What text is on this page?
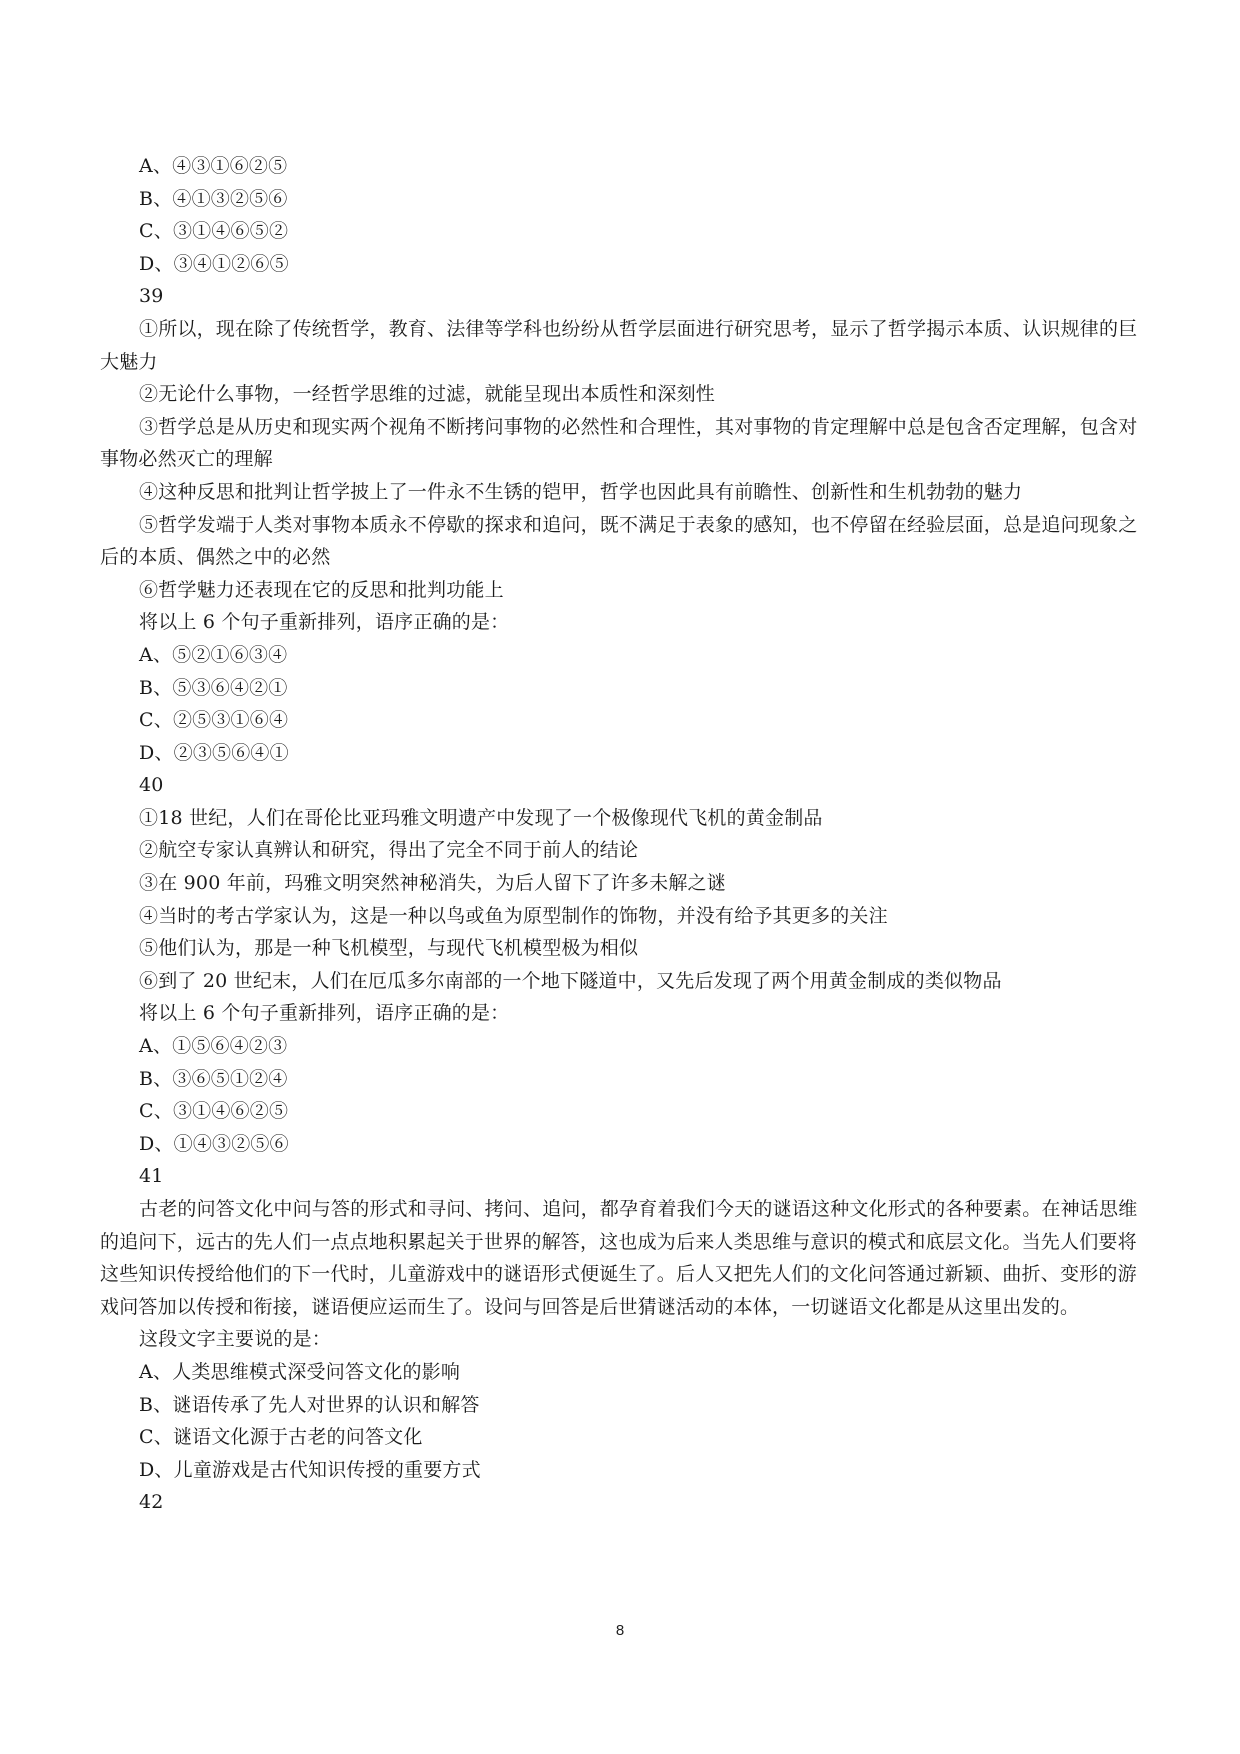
A、④③①⑥②⑤

B、④①③②⑤⑥

C、③①④⑥⑤②

D、③④①②⑥⑤

39

①所以，现在除了传统哲学，教育、法律等学科也纷纷从哲学层面进行研究思考，显示了哲学揭示本质、认识规律的巨大魅力

②无论什么事物，一经哲学思维的过滤，就能呈现出本质性和深刻性

③哲学总是从历史和现实两个视角不断拷问事物的必然性和合理性，其对事物的肯定理解中总是包含否定理解，包含对事物必然灭亡的理解

④这种反思和批判让哲学披上了一件永不生锈的铠甲，哲学也因此具有前瞻性、创新性和生机勃勃的魅力

⑤哲学发端于人类对事物本质永不停歇的探求和追问，既不满足于表象的感知，也不停留在经验层面，总是追问现象之后的本质、偶然之中的必然

⑥哲学魅力还表现在它的反思和批判功能上

将以上 6 个句子重新排列，语序正确的是：

A、⑤②①⑥③④

B、⑤③⑥④②①

C、②⑤③①⑥④

D、②③⑤⑥④①

40

①18 世纪，人们在哥伦比亚玛雅文明遗产中发现了一个极像现代飞机的黄金制品

②航空专家认真辨认和研究，得出了完全不同于前人的结论

③在 900 年前，玛雅文明突然神秘消失，为后人留下了许多未解之谜

④当时的考古学家认为，这是一种以鸟或鱼为原型制作的饰物，并没有给予其更多的关注

⑤他们认为，那是一种飞机模型，与现代飞机模型极为相似

⑥到了 20 世纪末，人们在厄瓜多尔南部的一个地下隧道中，又先后发现了两个用黄金制成的类似物品

将以上 6 个句子重新排列，语序正确的是：

A、①⑤⑥④②③

B、③⑥⑤①②④

C、③①④⑥②⑤

D、①④③②⑤⑥

41

古老的问答文化中问与答的形式和寻问、拷问、追问，都孕育着我们今天的谜语这种文化形式的各种要素。在神话思维的追问下，远古的先人们一点点地积累起关于世界的解答，这也成为后来人类思维与意识的模式和底层文化。当先人们要将这些知识传授给他们的下一代时，儿童游戏中的谜语形式便诞生了。后人又把先人们的文化问答通过新颖、曲折、变形的游戏问答加以传授和衔接，谜语便应运而生了。设问与回答是后世猜谜活动的本体，一切谜语文化都是从这里出发的。

这段文字主要说的是：

A、人类思维模式深受问答文化的影响

B、谜语传承了先人对世界的认识和解答

C、谜语文化源于古老的问答文化

D、儿童游戏是古代知识传授的重要方式

42

8
